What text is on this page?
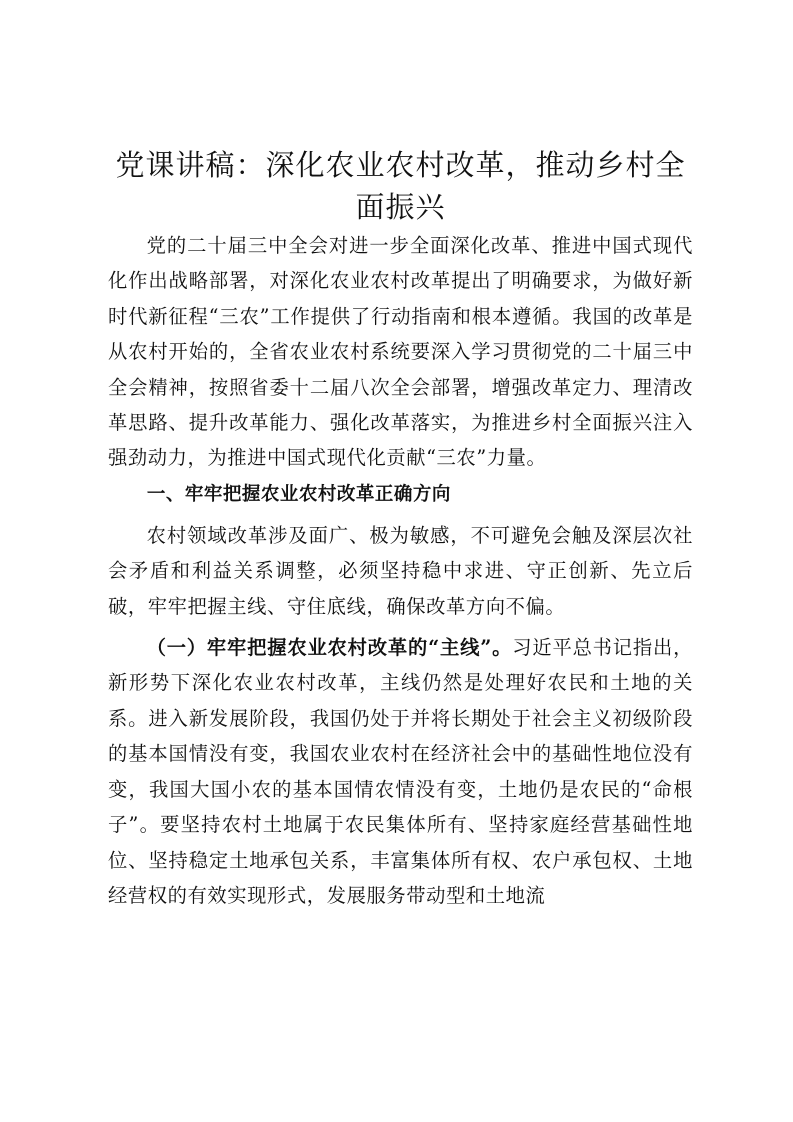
党课讲稿：深化农业农村改革，推动乡村全面振兴

党的二十届三中全会对进一步全面深化改革、推进中国式现代化作出战略部署，对深化农业农村改革提出了明确要求，为做好新时代新征程“三农”工作提供了行动指南和根本遵循。我国的改革是从农村开始的，全省农业农村系统要深入学习贯彻党的二十届三中全会精神，按照省委十二届八次全会部署，增强改革定力、理清改革思路、提升改革能力、强化改革落实，为推进乡村全面振兴注入强劲动力，为推进中国式现代化贡献“三农”力量。

一、牢牢把握农业农村改革正确方向

农村领域改革涉及面广、极为敏感，不可避免会触及深层次社会矛盾和利益关系调整，必须坚持稳中求进、守正创新、先立后破，牢牢把握主线、守住底线，确保改革方向不偏。

（一）牢牢把握农业农村改革的“主线”。习近平总书记指出，新形势下深化农业农村改革，主线仍然是处理好农民和土地的关系。进入新发展阶段，我国仍处于并将长期处于社会主义初级阶段的基本国情没有变，我国农业农村在经济社会中的基础性地位没有变，我国大国小农的基本国情农情没有变，土地仍是农民的“命根子”。要坚持农村土地属于农民集体所有、坚持家庭经营基础性地位、坚持稳定土地承包关系，丰富集体所有权、农户承包权、土地经营权的有效实现形式，发展服务带动型和土地流
